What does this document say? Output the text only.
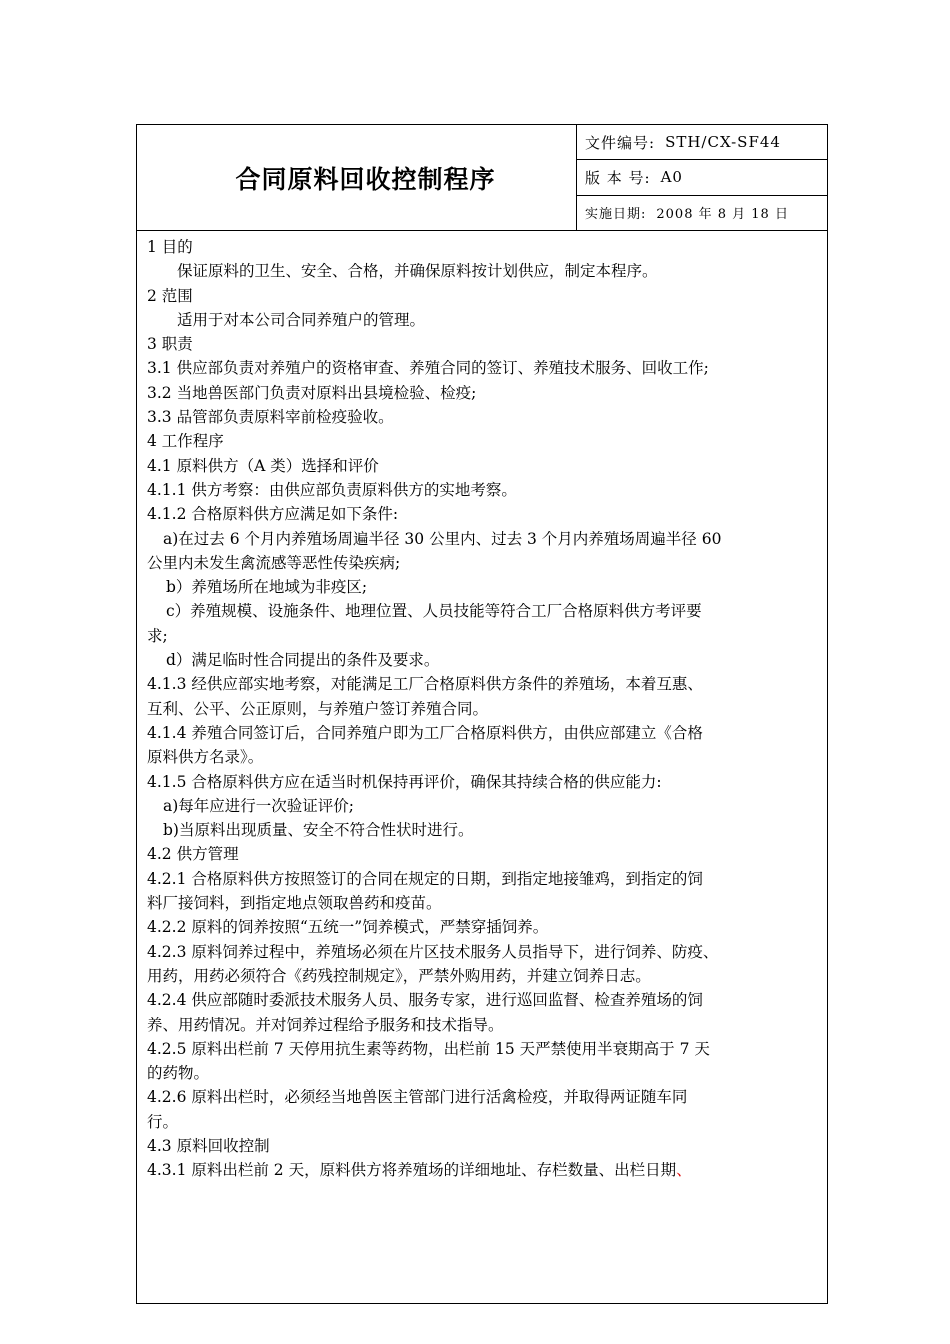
合同原料回收控制程序
文件编号: STH/CX-SF44
版 本 号: A0
实施日期: 2008 年 8 月 18 日
1 目的
保证原料的卫生、安全、合格，并确保原料按计划供应，制定本程序。
2 范围
适用于对本公司合同养殖户的管理。
3 职责
3.1 供应部负责对养殖户的资格审查、养殖合同的签订、养殖技术服务、回收工作;
3.2 当地兽医部门负责对原料出县境检验、检疫;
3.3 品管部负责原料宰前检疫验收。
4 工作程序
4.1 原料供方（A 类）选择和评价
4.1.1 供方考察：由供应部负责原料供方的实地考察。
4.1.2 合格原料供方应满足如下条件:
a)在过去 6 个月内养殖场周遍半径 30 公里内、过去 3 个月内养殖场周遍半径 60
公里内未发生禽流感等恶性传染疾病;
b）养殖场所在地域为非疫区;
c）养殖规模、设施条件、地理位置、人员技能等符合工厂合格原料供方考评要
求;
d）满足临时性合同提出的条件及要求。
4.1.3 经供应部实地考察，对能满足工厂合格原料供方条件的养殖场，本着互惠、
互利、公平、公正原则，与养殖户签订养殖合同。
4.1.4 养殖合同签订后，合同养殖户即为工厂合格原料供方，由供应部建立《合格
原料供方名录》。
4.1.5 合格原料供方应在适当时机保持再评价，确保其持续合格的供应能力:
a)每年应进行一次验证评价;
b)当原料出现质量、安全不符合性状时进行。
4.2 供方管理
4.2.1 合格原料供方按照签订的合同在规定的日期，到指定地接雏鸡，到指定的饲
料厂接饲料，到指定地点领取兽药和疫苗。
4.2.2 原料的饲养按照“五统一”饲养模式，严禁穿插饲养。
4.2.3 原料饲养过程中，养殖场必须在片区技术服务人员指导下，进行饲养、防疫、
用药，用药必须符合《药残控制规定》，严禁外购用药，并建立饲养日志。
4.2.4 供应部随时委派技术服务人员、服务专家，进行巡回监督、检查养殖场的饲
养、用药情况。并对饲养过程给予服务和技术指导。
4.2.5 原料出栏前 7 天停用抗生素等药物，出栏前 15 天严禁使用半衰期高于 7 天
的药物。
4.2.6 原料出栏时，必须经当地兽医主管部门进行活禽检疫，并取得两证随车同
行。
4.3 原料回收控制
4.3.1 原料出栏前 2 天，原料供方将养殖场的详细地址、存栏数量、出栏日期、
